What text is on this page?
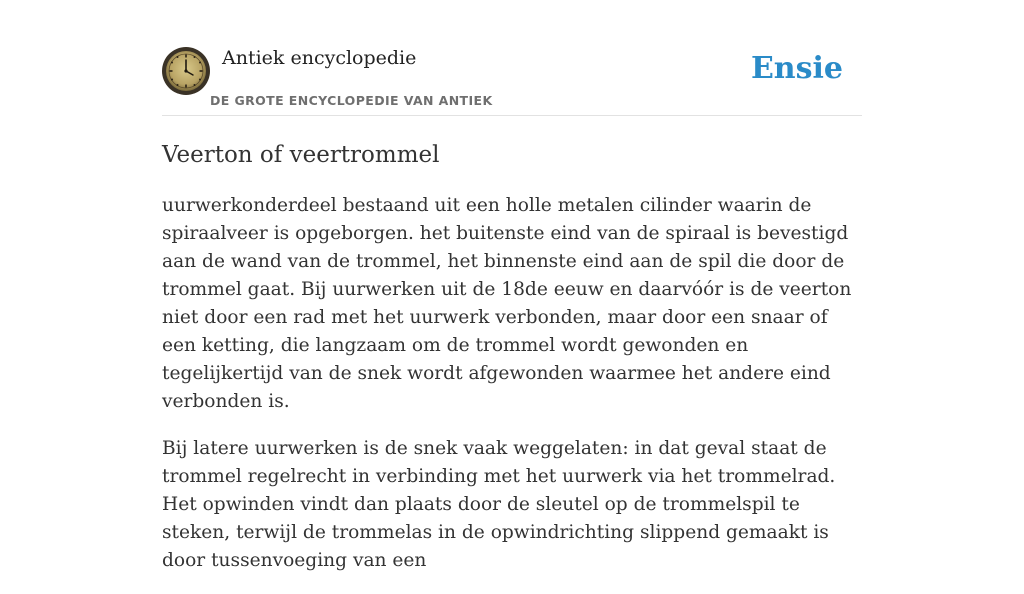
Antiek encyclopedie
DE GROTE ENCYCLOPEDIE VAN ANTIEK
Ensie
Veerton of veertrommel

uurwerkonderdeel bestaand uit een holle metalen cilinder waarin de spiraalveer is opgeborgen. het buitenste eind van de spiraal is bevestigd aan de wand van de trommel, het binnenste eind aan de spil die door de trommel gaat. Bij uurwerken uit de 18de eeuw en daarvóór is de veerton niet door een rad met het uurwerk verbonden, maar door een snaar of een ketting, die langzaam om de trommel wordt gewonden en tegelijkertijd van de snek wordt afgewonden waarmee het andere eind verbonden is.

Bij latere uurwerken is de snek vaak weggelaten: in dat geval staat de trommel regelrecht in verbinding met het uurwerk via het trommelrad. Het opwinden vindt dan plaats door de sleutel op de trommelspil te steken, terwijl de trommelas in de opwindrichting slippend gemaakt is door tussenvoeging van een
